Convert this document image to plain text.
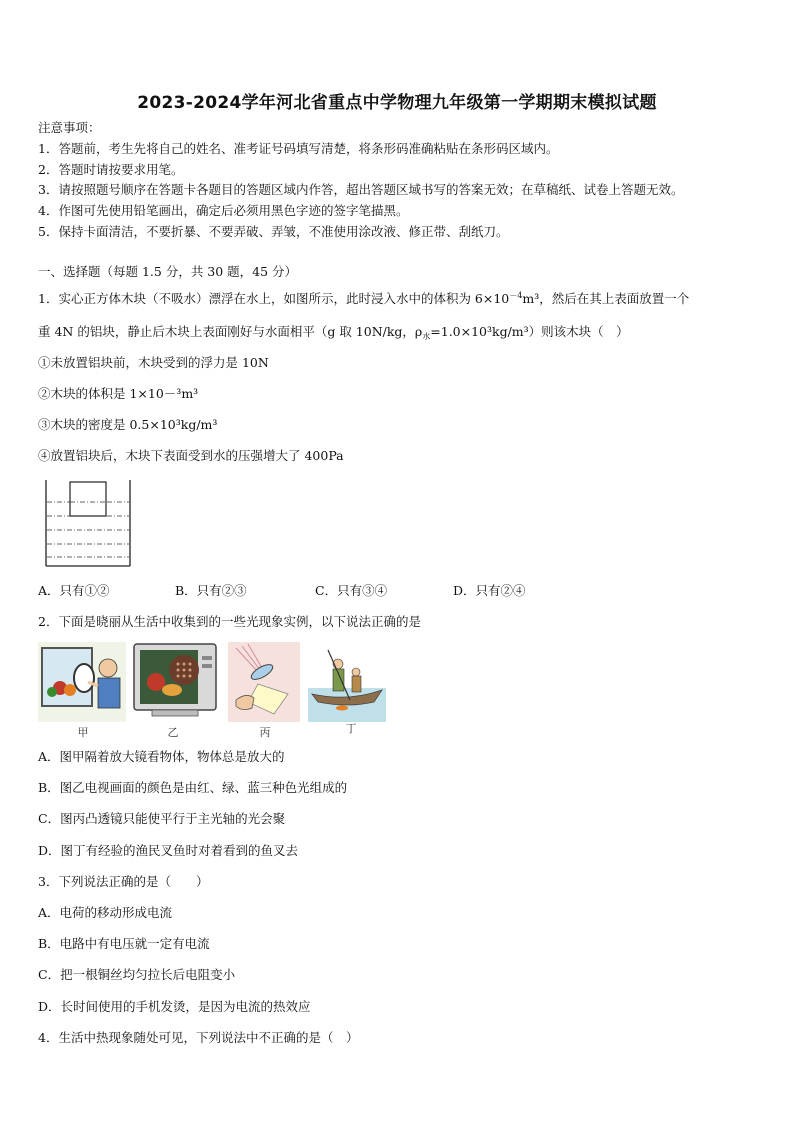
2023-2024学年河北省重点中学物理九年级第一学期期末模拟试题
注意事项：
1．答题前，考生先将自己的姓名、准考证号码填写清楚，将条形码准确粘贴在条形码区域内。
2．答题时请按要求用笔。
3．请按照题号顺序在答题卡各题目的答题区域内作答，超出答题区域书写的答案无效；在草稿纸、试卷上答题无效。
4．作图可先使用铅笔画出，确定后必须用黑色字迹的签字笔描黑。
5．保持卡面清洁，不要折暴、不要弄破、弄皱，不准使用涂改液、修正带、刮纸刀。
一、选择题（每题 1.5 分，共 30 题，45 分）
1．实心正方体木块（不吸水）漂浮在水上，如图所示，此时浸入水中的体积为 $6\times 10^{-4}m^3$，然后在其上表面放置一个
重 4N 的铝块，静止后木块上表面刚好与水面相平（g 取 10N/kg，$\rho_水=1.0\times 10^3kg/m^3$）则该木块（　）
①未放置铝块前，木块受到的浮力是 10N
②木块的体积是 1×10－³m³
③木块的密度是 0.5×10³kg/m³
④放置铝块后，木块下表面受到水的压强增大了 400Pa
A．只有①②	B．只有②③	C．只有③④	D．只有②④
2．下面是晓丽从生活中收集到的一些光现象实例，以下说法正确的是
甲	乙	丙	丁
A．图甲隔着放大镜看物体，物体总是放大的
B．图乙电视画面的颜色是由红、绿、蓝三种色光组成的
C．图丙凸透镜只能使平行于主光轴的光会聚
D．图丁有经验的渔民叉鱼时对着看到的鱼叉去
3．下列说法正确的是（　　）
A．电荷的移动形成电流
B．电路中有电压就一定有电流
C．把一根铜丝均匀拉长后电阻变小
D．长时间使用的手机发烫，是因为电流的热效应
4．生活中热现象随处可见，下列说法中不正确的是（　）
